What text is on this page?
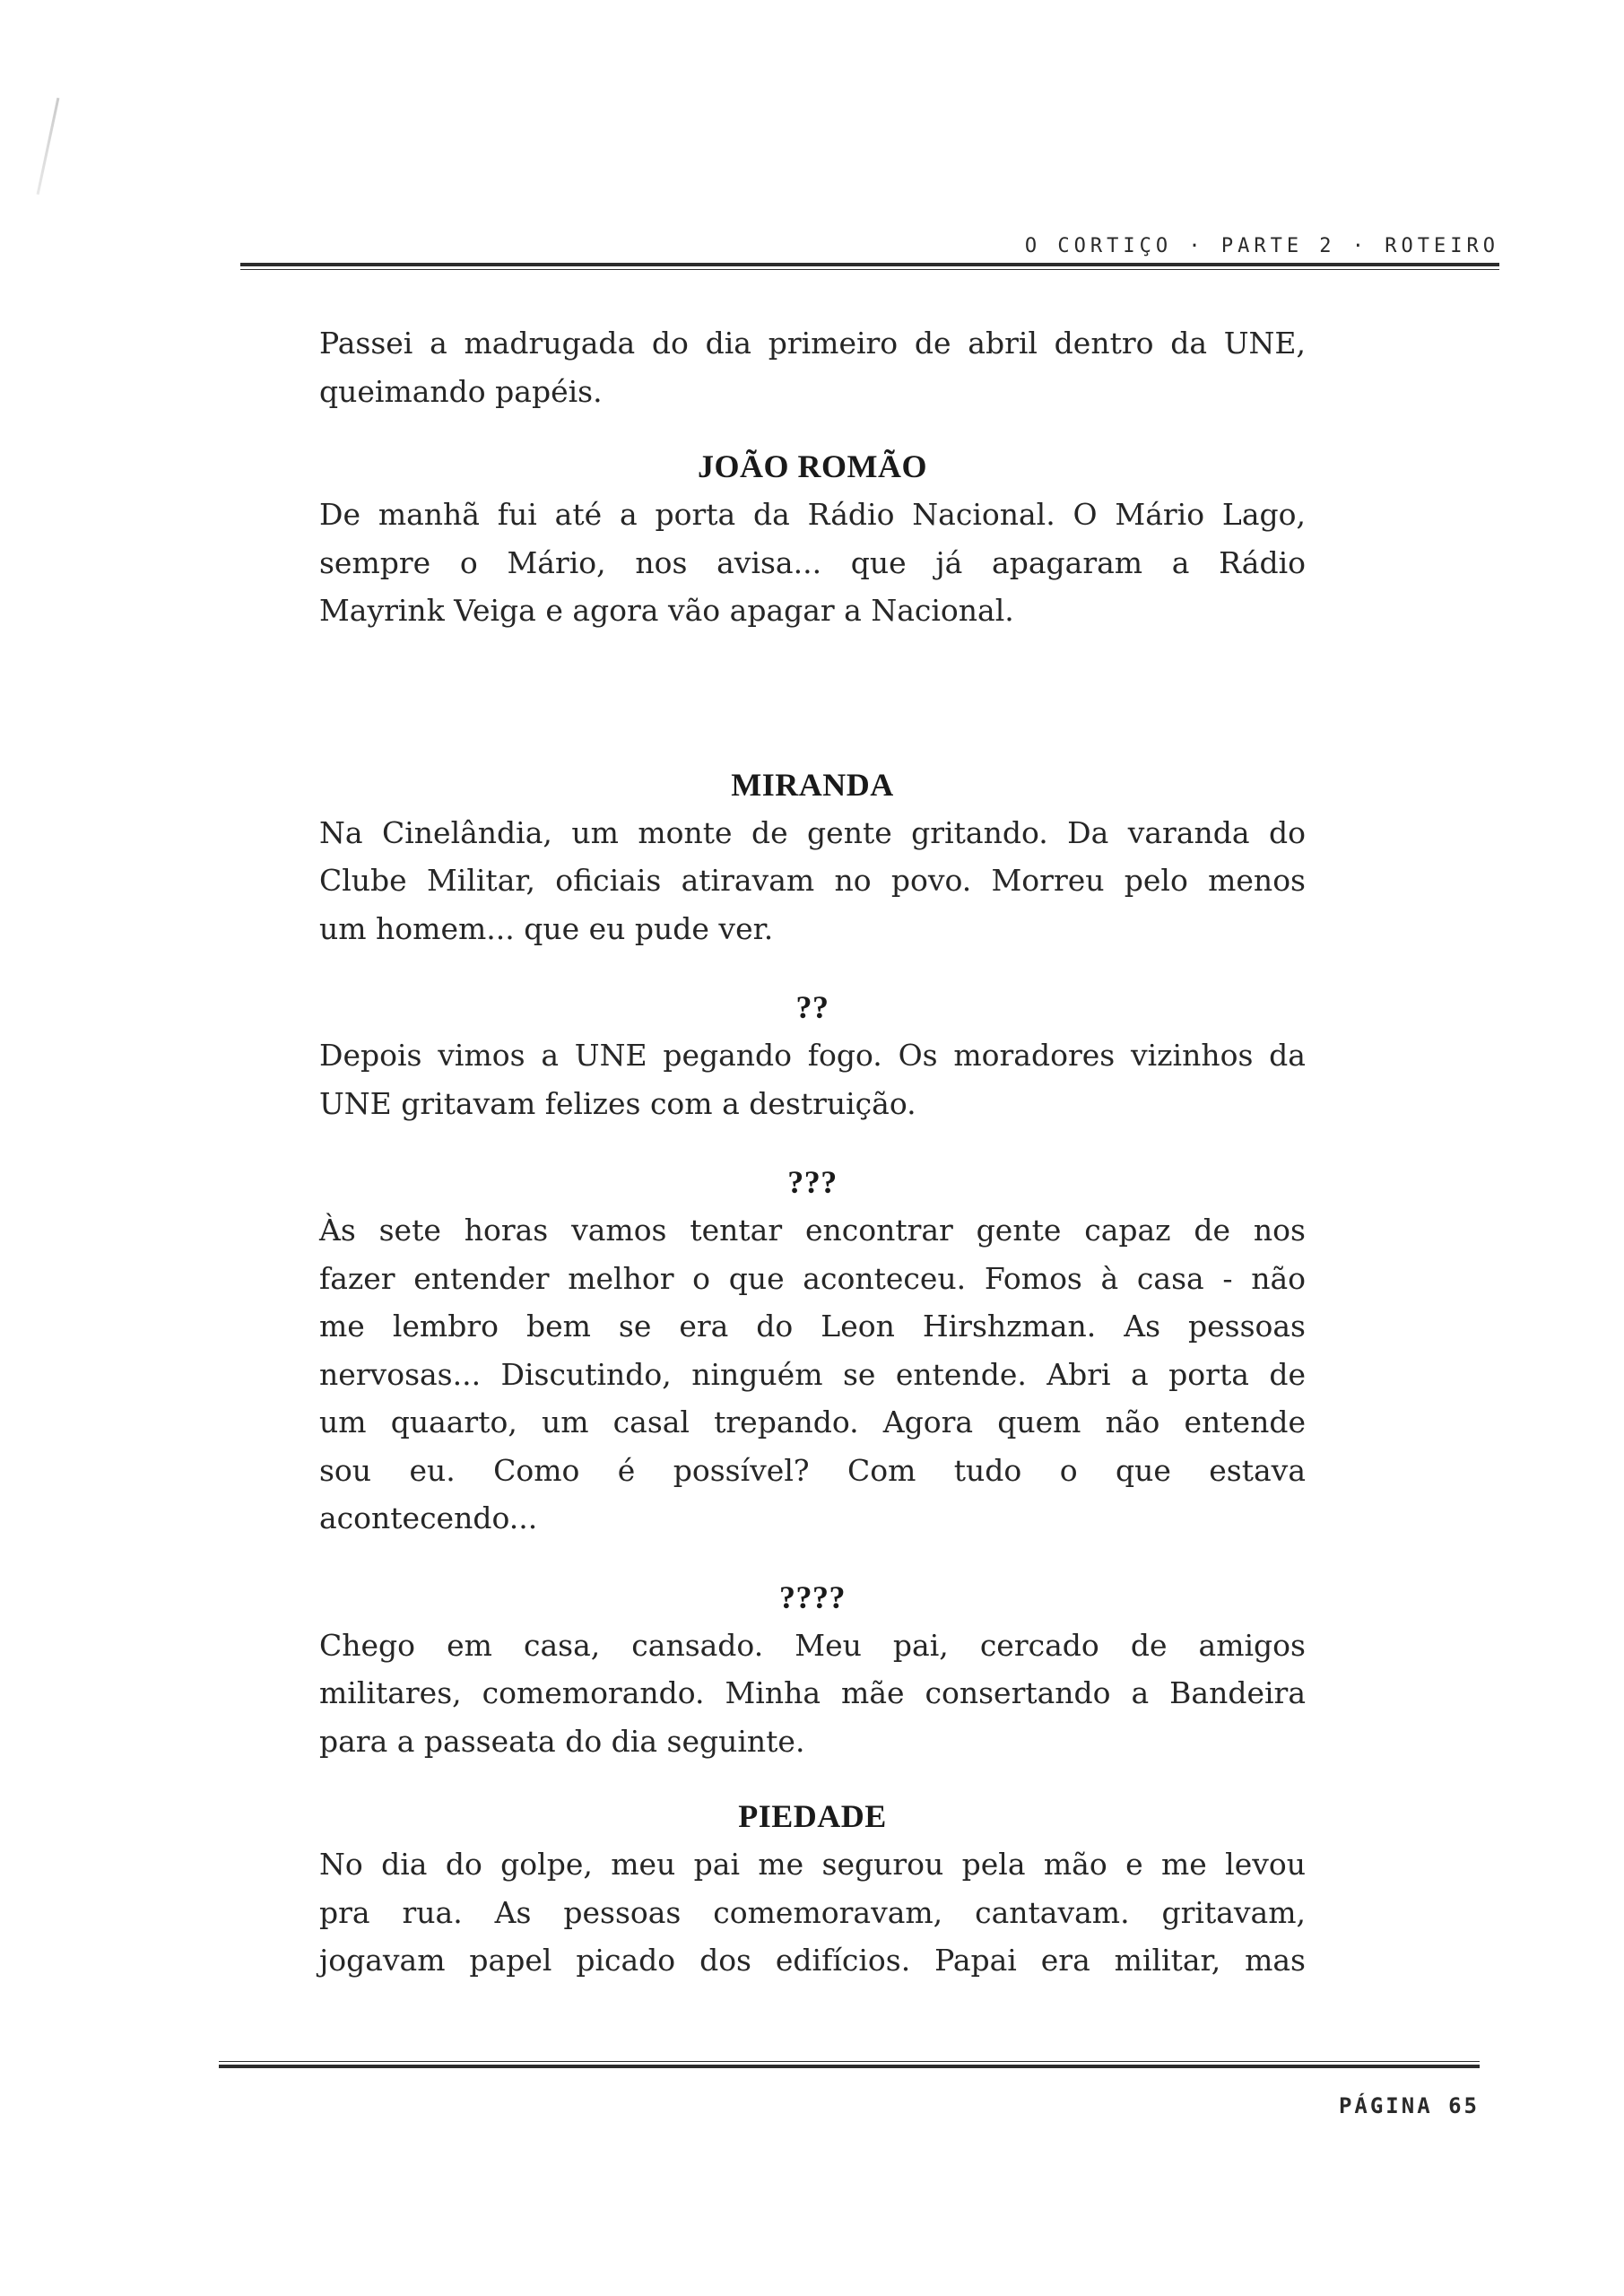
O CORTIÇO · PARTE 2 · ROTEIRO
Passei a madrugada do dia primeiro de abril dentro da UNE,
queimando papéis.
JOÃO ROMÃO
De manhã fui até a porta da Rádio Nacional. O Mário Lago,
sempre o Mário, nos avisa... que já apagaram a Rádio
Mayrink Veiga e agora vão apagar a Nacional.
MIRANDA
Na Cinelândia, um monte de gente gritando. Da varanda do
Clube Militar, oficiais atiravam no povo. Morreu pelo menos
um homem... que eu pude ver.
??
Depois vimos a UNE pegando fogo. Os moradores vizinhos da
UNE gritavam felizes com a destruição.
???
Às sete horas vamos tentar encontrar gente capaz de nos
fazer entender melhor o que aconteceu. Fomos à casa - não
me lembro bem se era do Leon Hirshzman. As pessoas
nervosas... Discutindo, ninguém se entende. Abri a porta de
um quaarto, um casal trepando. Agora quem não entende
sou eu. Como é possível? Com tudo o que estava
acontecendo...
????
Chego em casa, cansado. Meu pai, cercado de amigos
militares, comemorando. Minha mãe consertando a Bandeira
para a passeata do dia seguinte.
PIEDADE
No dia do golpe, meu pai me segurou pela mão e me levou
pra rua. As pessoas comemoravam, cantavam. gritavam,
jogavam papel picado dos edifícios. Papai era militar, mas
PÁGINA 65
